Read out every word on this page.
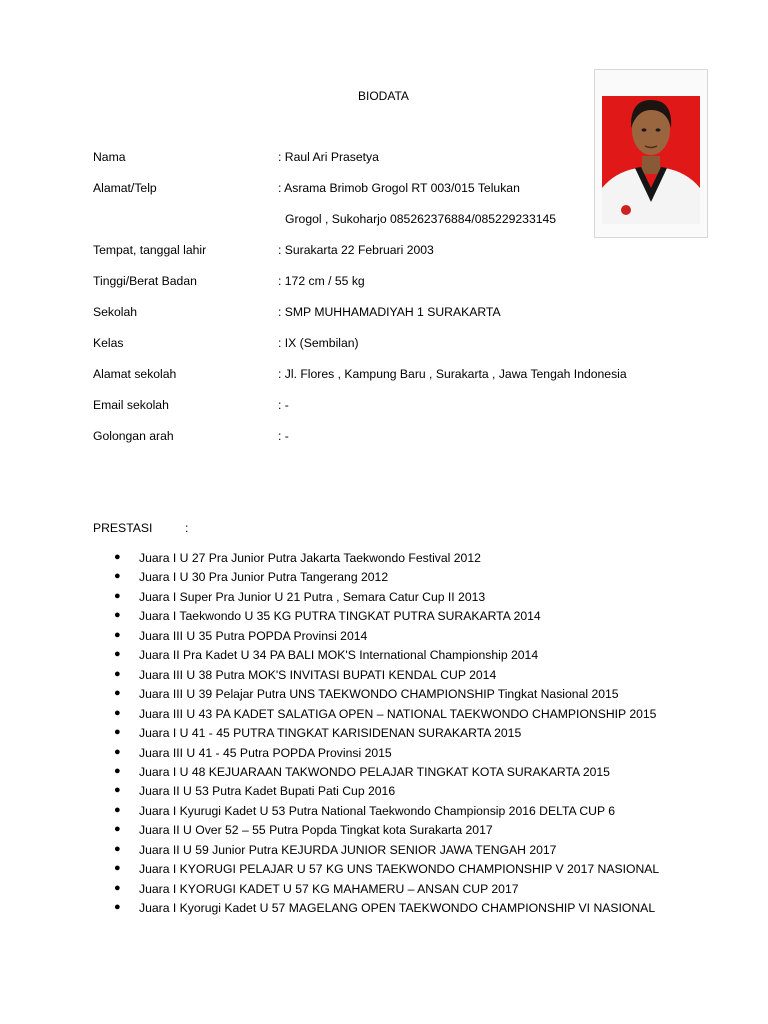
BIODATA
Nama	: Raul Ari Prasetya
Alamat/Telp	: Asrama Brimob Grogol RT 003/015 Telukan
Grogol , Sukoharjo 085262376884/085229233145
Tempat, tanggal lahir	: Surakarta 22 Februari 2003
Tinggi/Berat Badan	: 172 cm / 55 kg
Sekolah	: SMP MUHHAMADIYAH 1 SURAKARTA
Kelas	: IX (Sembilan)
Alamat sekolah	: Jl. Flores , Kampung Baru , Surakarta , Jawa Tengah Indonesia
Email sekolah	: -
Golongan arah	: -
PRESTASI	:
● Juara I U 27 Pra Junior Putra Jakarta Taekwondo Festival 2012
● Juara I U 30 Pra Junior Putra Tangerang 2012
● Juara I Super Pra Junior U 21 Putra , Semara Catur Cup II 2013
● Juara I Taekwondo U 35 KG PUTRA TINGKAT PUTRA SURAKARTA 2014
● Juara III U 35 Putra POPDA Provinsi 2014
● Juara II Pra Kadet U 34 PA BALI MOK'S International Championship 2014
● Juara III U 38 Putra MOK'S INVITASI BUPATI KENDAL CUP 2014
● Juara III U 39 Pelajar Putra UNS TAEKWONDO CHAMPIONSHIP Tingkat Nasional 2015
● Juara III U 43 PA KADET SALATIGA OPEN – NATIONAL TAEKWONDO CHAMPIONSHIP 2015
● Juara I U 41 - 45 PUTRA TINGKAT KARISIDENAN SURAKARTA 2015
● Juara III U 41 - 45 Putra POPDA Provinsi 2015
● Juara I U 48 KEJUARAAN TAKWONDO PELAJAR TINGKAT KOTA SURAKARTA 2015
● Juara II U 53 Putra Kadet Bupati Pati Cup 2016
● Juara I Kyurugi Kadet U 53 Putra National Taekwondo Championsip 2016 DELTA CUP 6
● Juara II U Over 52 – 55 Putra Popda Tingkat kota Surakarta 2017
● Juara II U 59 Junior Putra KEJURDA JUNIOR SENIOR JAWA TENGAH 2017
● Juara I KYORUGI PELAJAR U 57 KG UNS TAEKWONDO CHAMPIONSHIP V 2017 NASIONAL
● Juara I KYORUGI KADET U 57 KG MAHAMERU – ANSAN CUP 2017
● Juara I Kyorugi Kadet U 57 MAGELANG OPEN TAEKWONDO CHAMPIONSHIP VI NASIONAL
